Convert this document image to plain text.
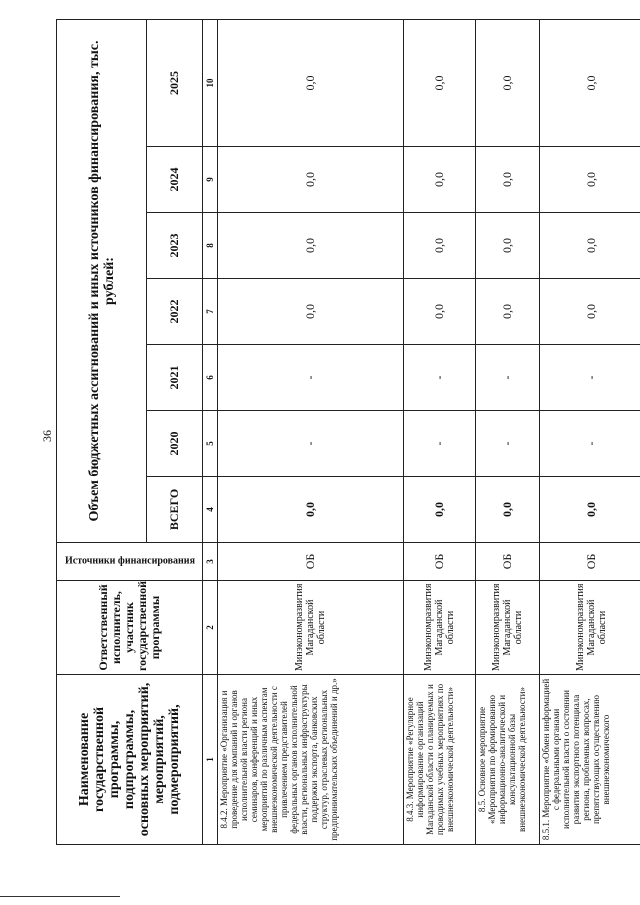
36
Наименование государственной программы, подпрограммы, основных мероприятий, мероприятий, подмероприятий,	Ответственный исполнитель, участник государственной программы	Источники финансирования	Объем бюджетных ассигнований и иных источников финансирования, тыс. рублей:						
			ВСЕГО	2020	2021	2022	2023	2024	2025
1	2	3	4	5	6	7	8	9	10
8.4.2. Мероприятие «Организация и проведение для компаний и органов исполнительной власти региона семинаров, конференций и иных мероприятий по различным аспектам внешнеэкономической деятельности с привлечением представителей федеральных органов исполнительной власти, региональных инфраструктуры поддержки экспорта, банковских структур, отраслевых региональных предпринимательских объединений и др.»	Минэкономразвития Магаданской области	ОБ	0,0	-	-	0,0	0,0	0,0	0,0
8.4.3. Мероприятие «Регулярное информирование организаций Магаданской области о планируемых и проводимых учебных мероприятиях по внешнеэкономической деятельности»	Минэкономразвития Магаданской области	ОБ	0,0	-	-	0,0	0,0	0,0	0,0
8.5. Основное мероприятие «Мероприятия по формированию информационно-аналитической и консультационной базы внешнеэкономической деятельности»	Минэкономразвития Магаданской области	ОБ	0,0	-	-	0,0	0,0	0,0	0,0
8.5.1. Мероприятие «Обмен информацией с федеральными органами исполнительной власти о состоянии развития экспортного потенциала региона, проблемных вопросах, препятствующих осуществлению внешнеэкономического	Минэкономразвития Магаданской области	ОБ	0,0	-	-	0,0	0,0	0,0	0,0
